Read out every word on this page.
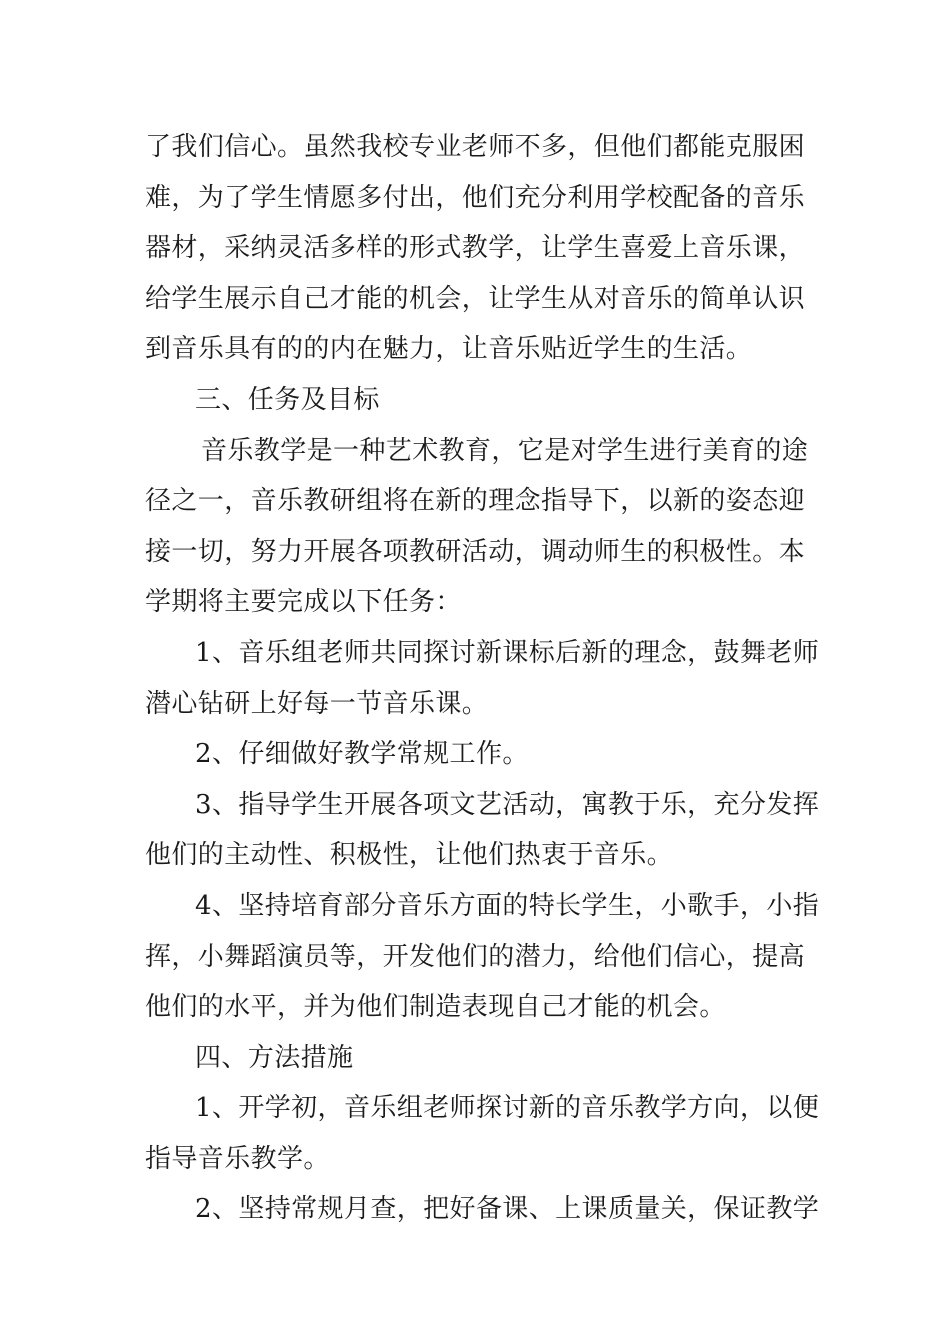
了我们信心。虽然我校专业老师不多，但他们都能克服困
难，为了学生情愿多付出，他们充分利用学校配备的音乐
器材，采纳灵活多样的形式教学，让学生喜爱上音乐课，
给学生展示自己才能的机会，让学生从对音乐的简单认识
到音乐具有的的内在魅力，让音乐贴近学生的生活。
三、任务及目标
音乐教学是一种艺术教育，它是对学生进行美育的途
径之一，音乐教研组将在新的理念指导下，以新的姿态迎
接一切，努力开展各项教研活动，调动师生的积极性。本
学期将主要完成以下任务：
1、音乐组老师共同探讨新课标后新的理念，鼓舞老师
潜心钻研上好每一节音乐课。
2、仔细做好教学常规工作。
3、指导学生开展各项文艺活动，寓教于乐，充分发挥
他们的主动性、积极性，让他们热衷于音乐。
4、坚持培育部分音乐方面的特长学生，小歌手，小指
挥，小舞蹈演员等，开发他们的潜力，给他们信心，提高
他们的水平，并为他们制造表现自己才能的机会。
四、方法措施
1、开学初，音乐组老师探讨新的音乐教学方向，以便
指导音乐教学。
2、坚持常规月查，把好备课、上课质量关，保证教学
